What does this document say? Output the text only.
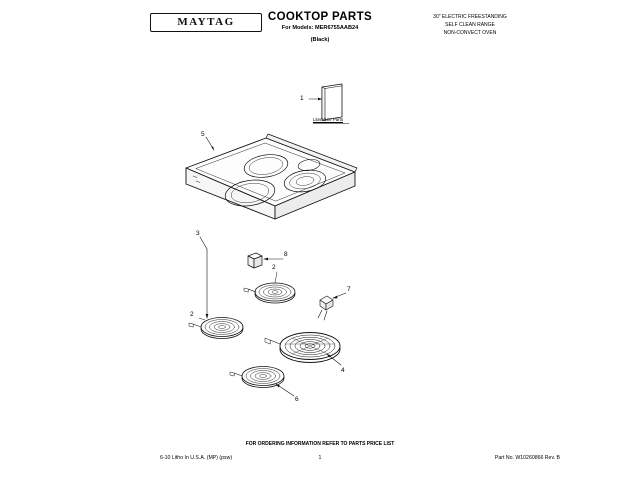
MAYTAG	COOKTOP PARTS
For Models: MER6755AAB24
(Black)
30" ELECTRIC FREESTANDING
SELF CLEAN RANGE
NON-CONVECT OVEN
1
5
3
8
2
2
7
4
6
Literature Parts
FOR ORDERING INFORMATION REFER TO PARTS PRICE LIST
6-10 Litho In U.S.A. (MP) (psw)	1	Part No. W10260866 Rev. B
